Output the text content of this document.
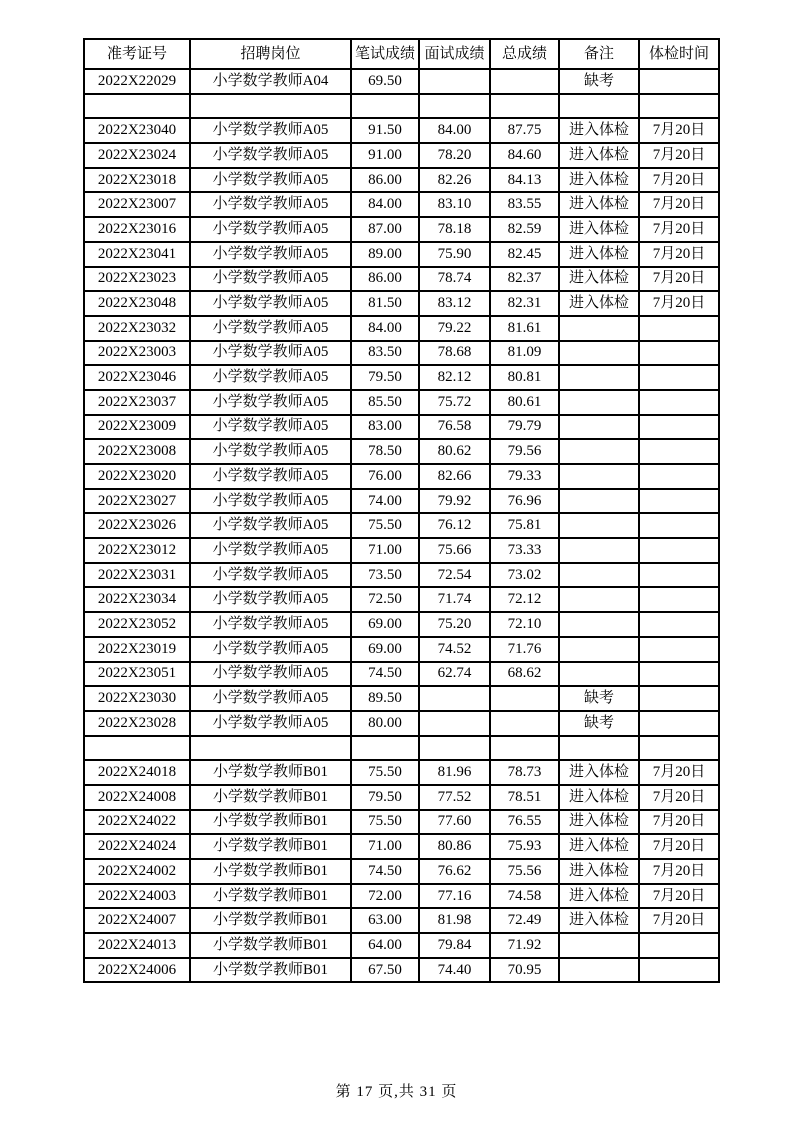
准考证号	招聘岗位	笔试成绩	面试成绩	总成绩	备注	体检时间
2022X22029	小学数学教师A04	69.50			缺考	

2022X23040	小学数学教师A05	91.50	84.00	87.75	进入体检	7月20日
2022X23024	小学数学教师A05	91.00	78.20	84.60	进入体检	7月20日
2022X23018	小学数学教师A05	86.00	82.26	84.13	进入体检	7月20日
2022X23007	小学数学教师A05	84.00	83.10	83.55	进入体检	7月20日
2022X23016	小学数学教师A05	87.00	78.18	82.59	进入体检	7月20日
2022X23041	小学数学教师A05	89.00	75.90	82.45	进入体检	7月20日
2022X23023	小学数学教师A05	86.00	78.74	82.37	进入体检	7月20日
2022X23048	小学数学教师A05	81.50	83.12	82.31	进入体检	7月20日
2022X23032	小学数学教师A05	84.00	79.22	81.61		
2022X23003	小学数学教师A05	83.50	78.68	81.09		
2022X23046	小学数学教师A05	79.50	82.12	80.81		
2022X23037	小学数学教师A05	85.50	75.72	80.61		
2022X23009	小学数学教师A05	83.00	76.58	79.79		
2022X23008	小学数学教师A05	78.50	80.62	79.56		
2022X23020	小学数学教师A05	76.00	82.66	79.33		
2022X23027	小学数学教师A05	74.00	79.92	76.96		
2022X23026	小学数学教师A05	75.50	76.12	75.81		
2022X23012	小学数学教师A05	71.00	75.66	73.33		
2022X23031	小学数学教师A05	73.50	72.54	73.02		
2022X23034	小学数学教师A05	72.50	71.74	72.12		
2022X23052	小学数学教师A05	69.00	75.20	72.10		
2022X23019	小学数学教师A05	69.00	74.52	71.76		
2022X23051	小学数学教师A05	74.50	62.74	68.62		
2022X23030	小学数学教师A05	89.50			缺考	
2022X23028	小学数学教师A05	80.00			缺考	

2022X24018	小学数学教师B01	75.50	81.96	78.73	进入体检	7月20日
2022X24008	小学数学教师B01	79.50	77.52	78.51	进入体检	7月20日
2022X24022	小学数学教师B01	75.50	77.60	76.55	进入体检	7月20日
2022X24024	小学数学教师B01	71.00	80.86	75.93	进入体检	7月20日
2022X24002	小学数学教师B01	74.50	76.62	75.56	进入体检	7月20日
2022X24003	小学数学教师B01	72.00	77.16	74.58	进入体检	7月20日
2022X24007	小学数学教师B01	63.00	81.98	72.49	进入体检	7月20日
2022X24013	小学数学教师B01	64.00	79.84	71.92		
2022X24006	小学数学教师B01	67.50	74.40	70.95		
第 17 页,共 31 页
